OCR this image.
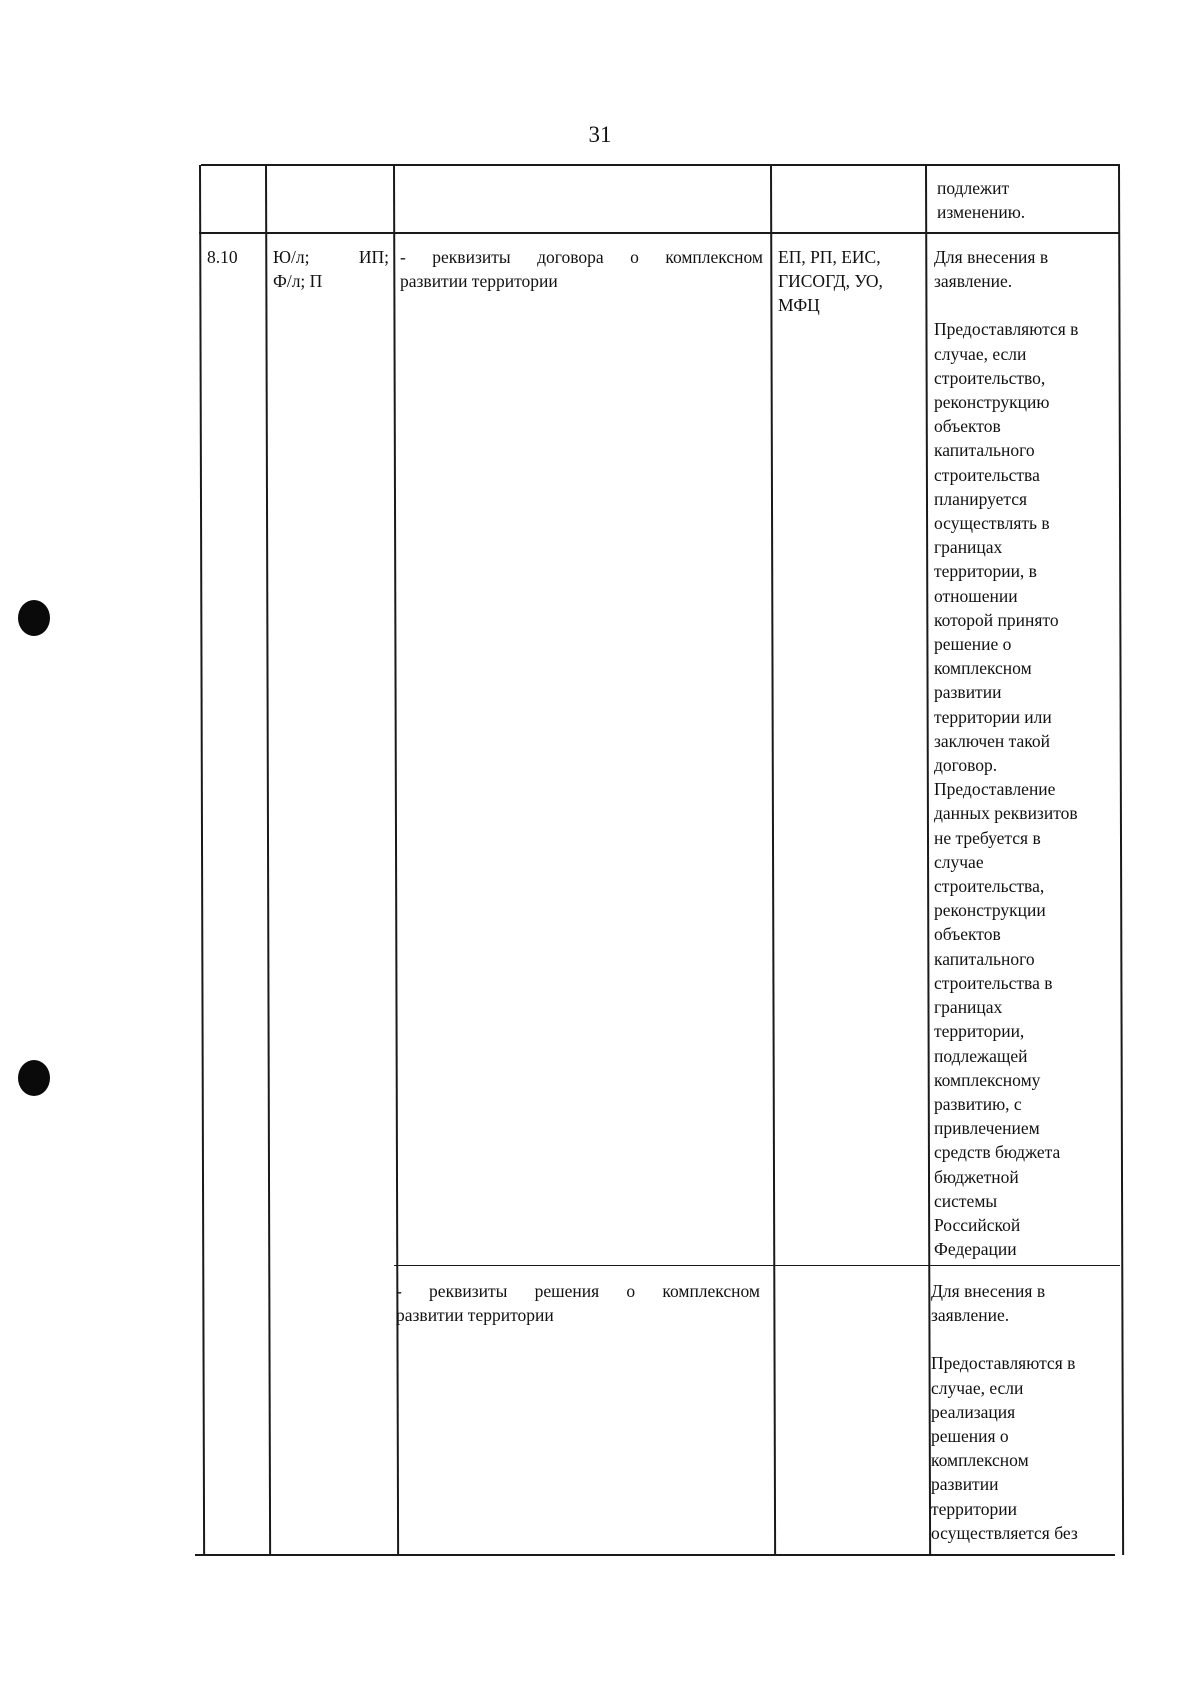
31
подлежит
изменению.
8.10	Ю/л;	ИП;
Ф/л; П
- реквизиты договора о комплексном
развитии территории
ЕП, РП, ЕИС,
ГИСОГД, УО,
МФЦ
Для внесения в
заявление.
Предоставляются в
случае, если
строительство,
реконструкцию
объектов
капитального
строительства
планируется
осуществлять в
границах
территории, в
отношении
которой принято
решение о
комплексном
развитии
территории или
заключен такой
договор.
Предоставление
данных реквизитов
не требуется в
случае
строительства,
реконструкции
объектов
капитального
строительства в
границах
территории,
подлежащей
комплексному
развитию, с
привлечением
средств бюджета
бюджетной
системы
Российской
Федерации
- реквизиты решения о комплексном
развитии территории
Для внесения в
заявление.
Предоставляются в
случае, если
реализация
решения о
комплексном
развитии
территории
осуществляется без
